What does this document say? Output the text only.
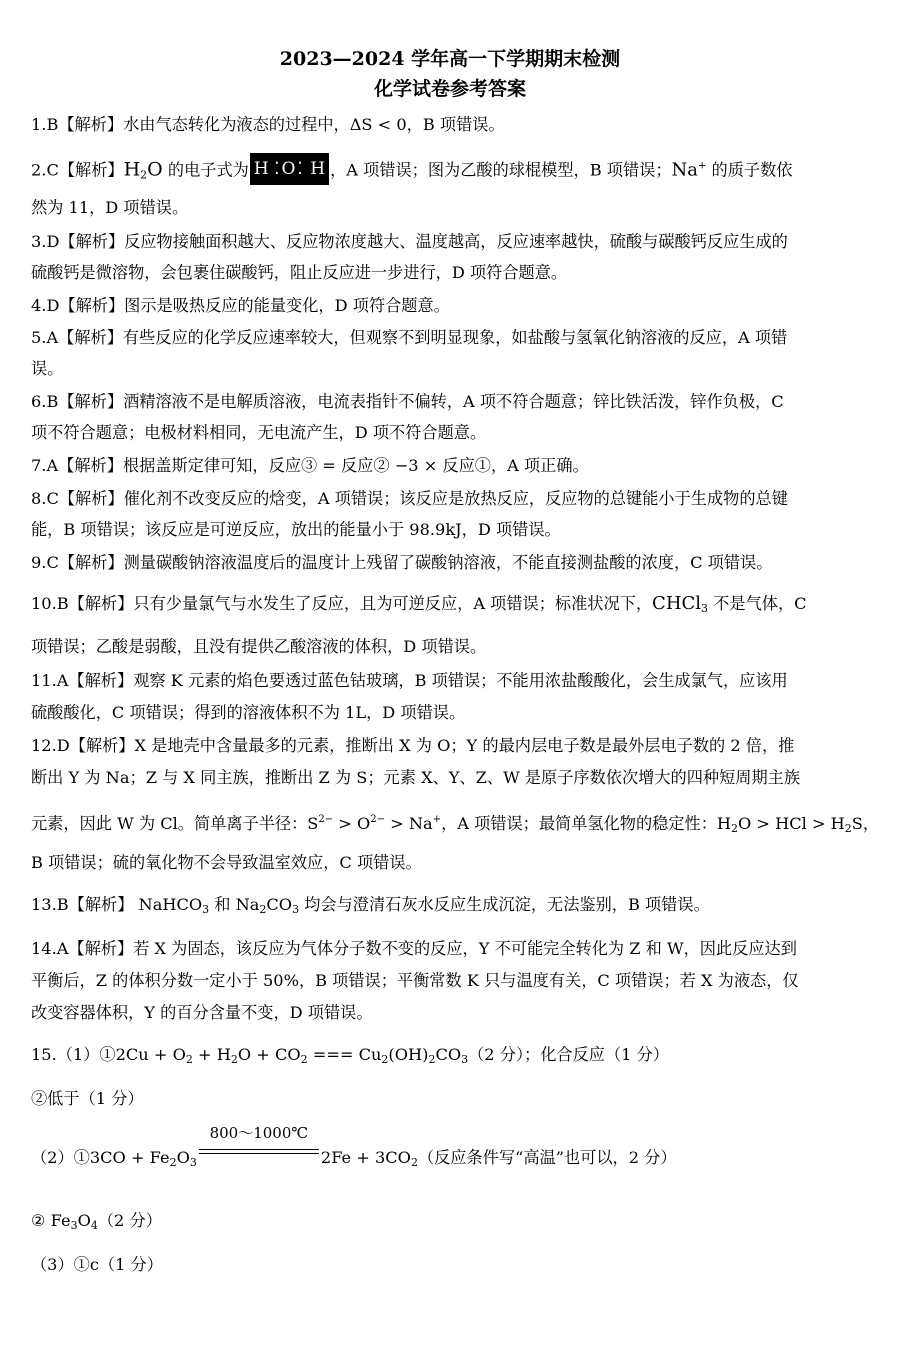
2023—2024 学年高一下学期期末检测
化学试卷参考答案
1.B【解析】水由气态转化为液态的过程中，ΔS < 0，B 项错误。
2.C【解析】H2O 的电子式为 H ⁚O⁚ H ，A 项错误；图为乙酸的球棍模型，B 项错误；Na+ 的质子数依
然为 11，D 项错误。
3.D【解析】反应物接触面积越大、反应物浓度越大、温度越高，反应速率越快，硫酸与碳酸钙反应生成的
硫酸钙是微溶物，会包裹住碳酸钙，阻止反应进一步进行，D 项符合题意。
4.D【解析】图示是吸热反应的能量变化，D 项符合题意。
5.A【解析】有些反应的化学反应速率较大，但观察不到明显现象，如盐酸与氢氧化钠溶液的反应，A 项错
误。
6.B【解析】酒精溶液不是电解质溶液，电流表指针不偏转，A 项不符合题意；锌比铁活泼，锌作负极，C
项不符合题意；电极材料相同，无电流产生，D 项不符合题意。
7.A【解析】根据盖斯定律可知，反应③ = 反应② −3 × 反应①，A 项正确。
8.C【解析】催化剂不改变反应的焓变，A 项错误；该反应是放热反应，反应物的总键能小于生成物的总键
能，B 项错误；该反应是可逆反应，放出的能量小于 98.9kJ，D 项错误。
9.C【解析】测量碳酸钠溶液温度后的温度计上残留了碳酸钠溶液，不能直接测盐酸的浓度，C 项错误。
10.B【解析】只有少量氯气与水发生了反应，且为可逆反应，A 项错误；标准状况下，CHCl3 不是气体，C
项错误；乙酸是弱酸，且没有提供乙酸溶液的体积，D 项错误。
11.A【解析】观察 K 元素的焰色要透过蓝色钴玻璃，B 项错误；不能用浓盐酸酸化，会生成氯气，应该用
硫酸酸化，C 项错误；得到的溶液体积不为 1L，D 项错误。
12.D【解析】X 是地壳中含量最多的元素，推断出 X 为 O；Y 的最内层电子数是最外层电子数的 2 倍，推
断出 Y 为 Na；Z 与 X 同主族，推断出 Z 为 S；元素 X、Y、Z、W 是原子序数依次增大的四种短周期主族
元素，因此 W 为 Cl。简单离子半径：$S^{2-} > O^{2-} > Na^+$，A 项错误；最简单氢化物的稳定性：H2O > HCl > H2S，
B 项错误；硫的氧化物不会导致温室效应，C 项错误。
13.B【解析】 NaHCO3 和 Na2CO3 均会与澄清石灰水反应生成沉淀，无法鉴别，B 项错误。
14.A【解析】若 X 为固态，该反应为气体分子数不变的反应，Y 不可能完全转化为 Z 和 W，因此反应达到
平衡后，Z 的体积分数一定小于 50%，B 项错误；平衡常数 K 只与温度有关，C 项错误；若 X 为液态，仅
改变容器体积，Y 的百分含量不变，D 项错误。
15.（1）①2Cu + O2 + H2O + CO2 === Cu2(OH)2CO3（2 分）；化合反应（1 分）
②低于（1 分）
（2）①3CO + Fe2O3
800～1000℃
2Fe + 3CO2（反应条件写“高温”也可以，2 分）
② Fe3O4（2 分）
（3）①c（1 分）
